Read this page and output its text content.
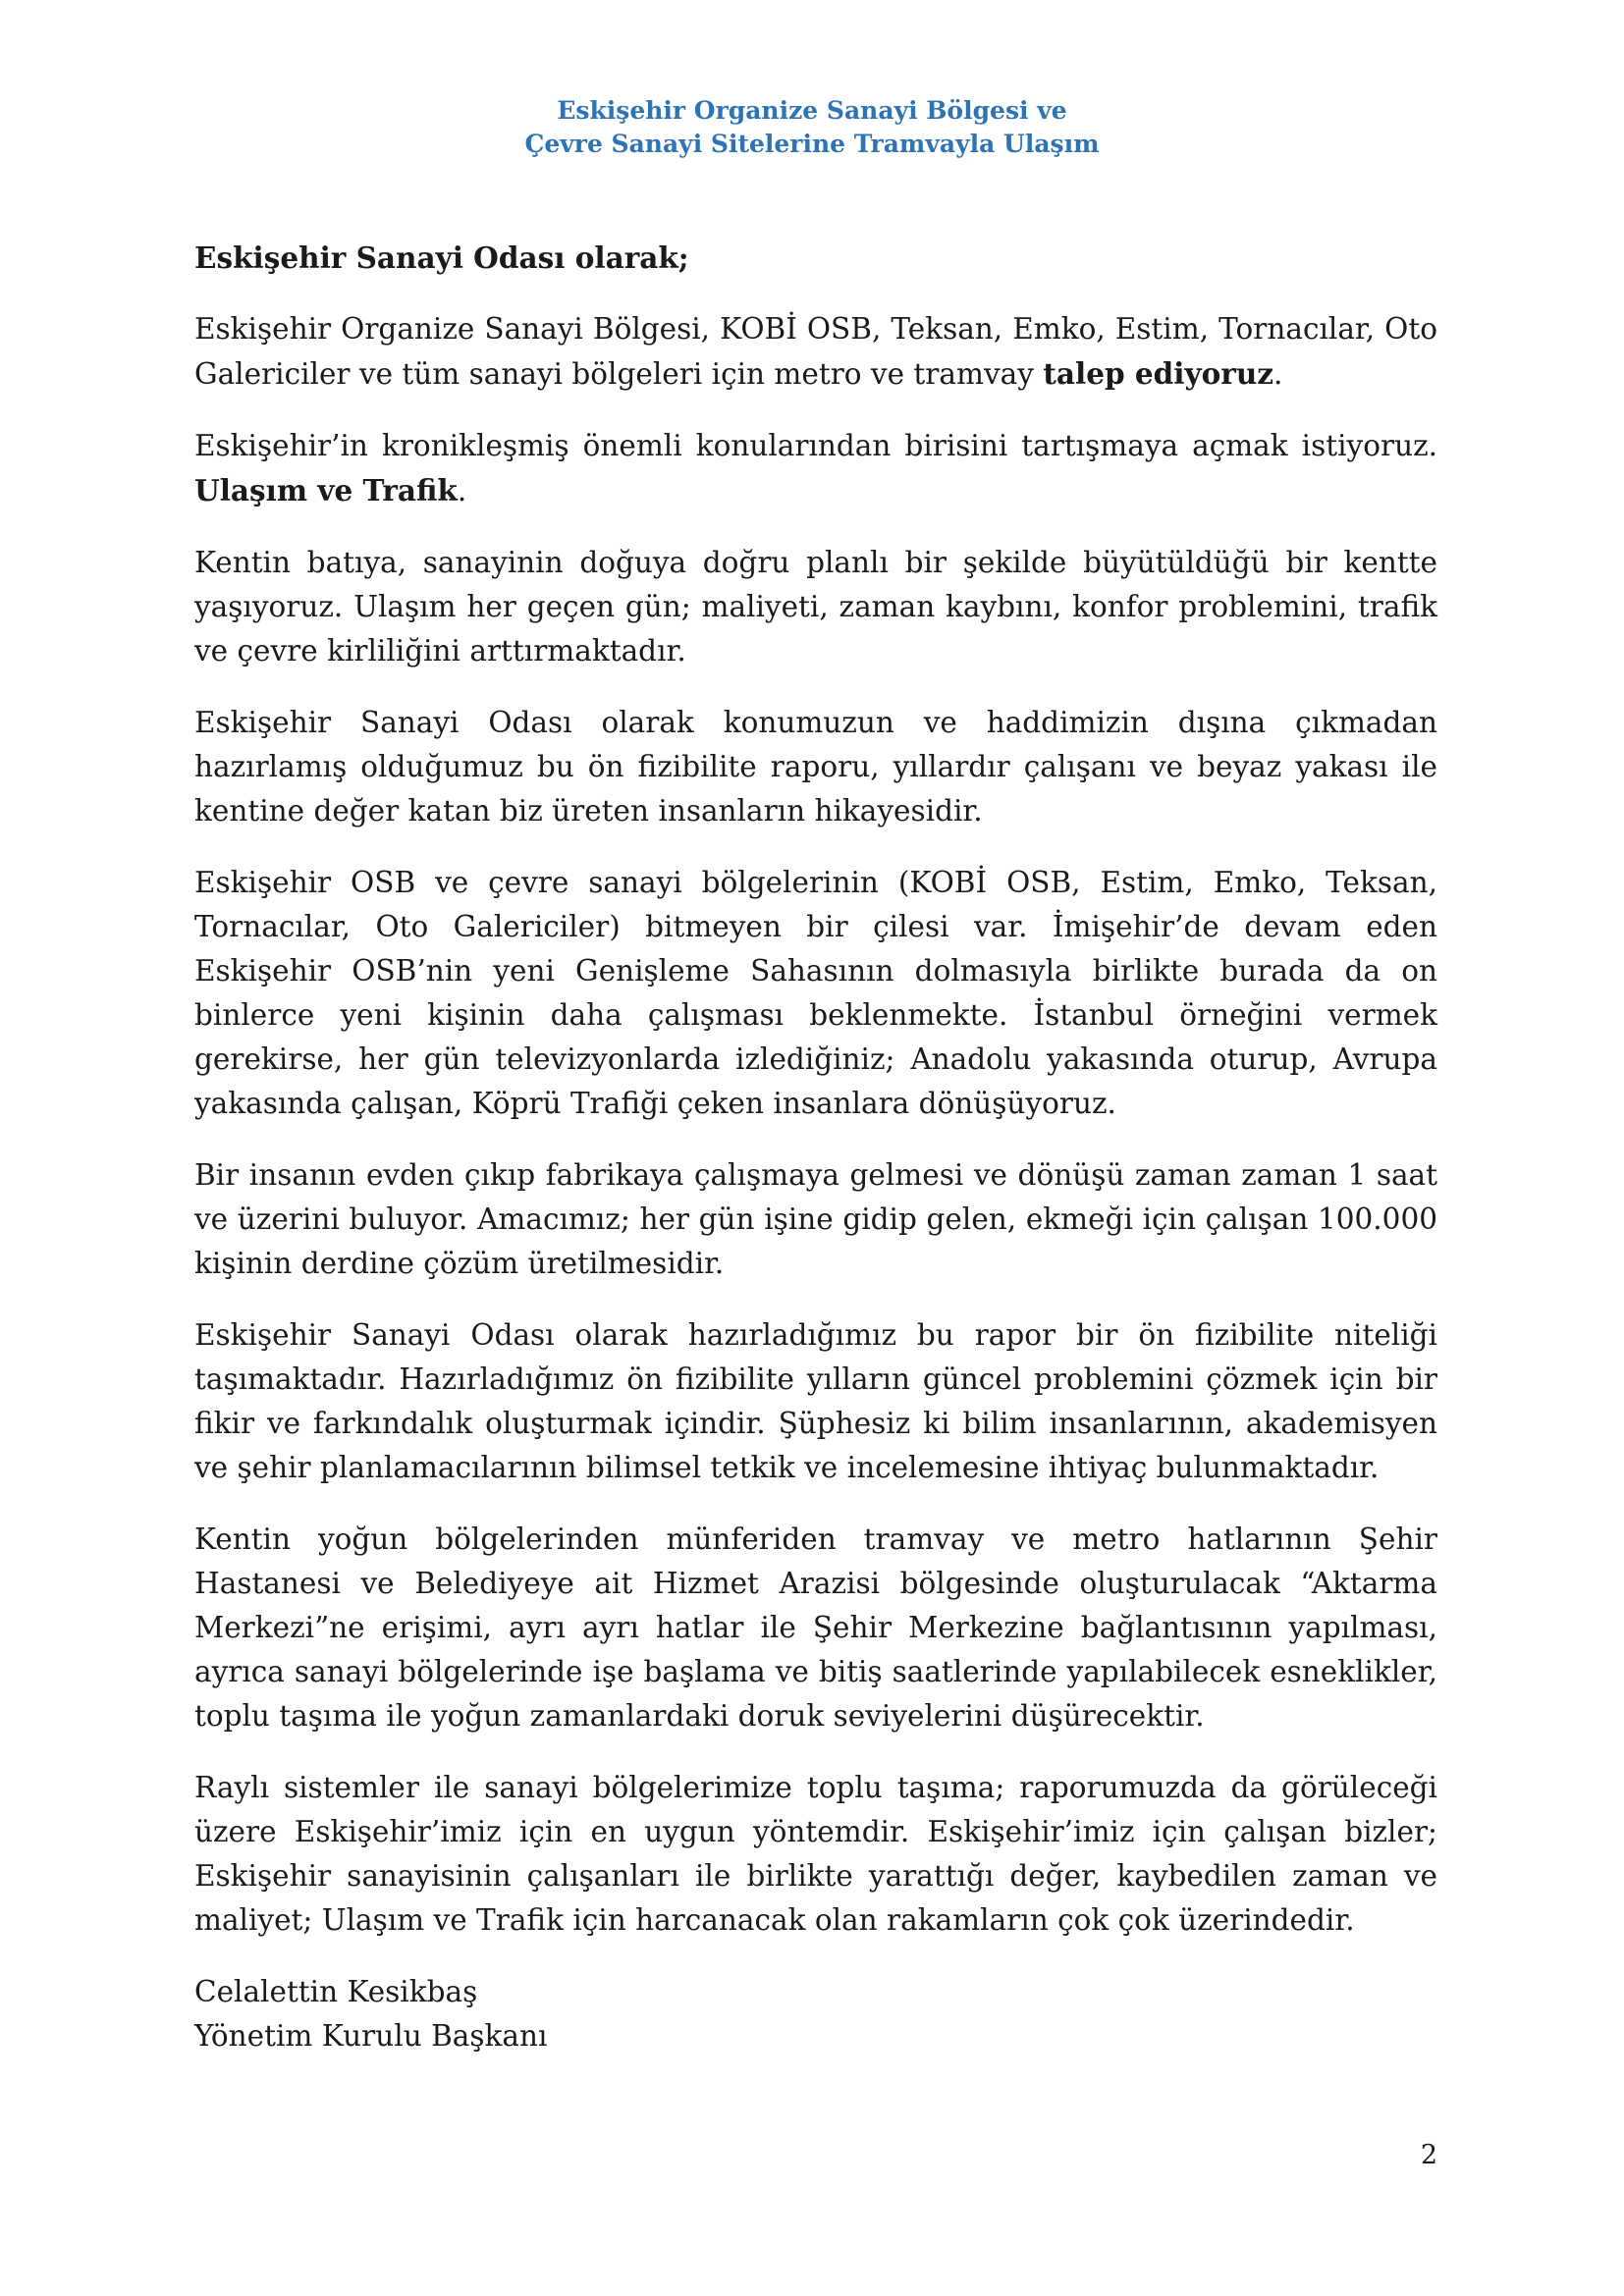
Eskişehir Organize Sanayi Bölgesi ve
Çevre Sanayi Sitelerine Tramvayla Ulaşım

Eskişehir Sanayi Odası olarak;

Eskişehir Organize Sanayi Bölgesi, KOBİ OSB, Teksan, Emko, Estim, Tornacılar, Oto Galericiler ve tüm sanayi bölgeleri için metro ve tramvay talep ediyoruz.

Eskişehir’in kronikleşmiş önemli konularından birisini tartışmaya açmak istiyoruz. Ulaşım ve Trafik.

Kentin batıya, sanayinin doğuya doğru planlı bir şekilde büyütüldüğü bir kentte yaşıyoruz. Ulaşım her geçen gün; maliyeti, zaman kaybını, konfor problemini, trafik ve çevre kirliliğini arttırmaktadır.

Eskişehir Sanayi Odası olarak konumuzun ve haddimizin dışına çıkmadan hazırlamış olduğumuz bu ön fizibilite raporu, yıllardır çalışanı ve beyaz yakası ile kentine değer katan biz üreten insanların hikayesidir.

Eskişehir OSB ve çevre sanayi bölgelerinin (KOBİ OSB, Estim, Emko, Teksan, Tornacılar, Oto Galericiler) bitmeyen bir çilesi var. İmişehir’de devam eden Eskişehir OSB’nin yeni Genişleme Sahasının dolmasıyla birlikte burada da on binlerce yeni kişinin daha çalışması beklenmekte. İstanbul örneğini vermek gerekirse, her gün televizyonlarda izlediğiniz; Anadolu yakasında oturup, Avrupa yakasında çalışan, Köprü Trafiği çeken insanlara dönüşüyoruz.

Bir insanın evden çıkıp fabrikaya çalışmaya gelmesi ve dönüşü zaman zaman 1 saat ve üzerini buluyor. Amacımız; her gün işine gidip gelen, ekmeği için çalışan 100.000 kişinin derdine çözüm üretilmesidir.

Eskişehir Sanayi Odası olarak hazırladığımız bu rapor bir ön fizibilite niteliği taşımaktadır. Hazırladığımız ön fizibilite yılların güncel problemini çözmek için bir fikir ve farkındalık oluşturmak içindir. Şüphesiz ki bilim insanlarının, akademisyen ve şehir planlamacılarının bilimsel tetkik ve incelemesine ihtiyaç bulunmaktadır.

Kentin yoğun bölgelerinden münferiden tramvay ve metro hatlarının Şehir Hastanesi ve Belediyeye ait Hizmet Arazisi bölgesinde oluşturulacak “Aktarma Merkezi”ne erişimi, ayrı ayrı hatlar ile Şehir Merkezine bağlantısının yapılması, ayrıca sanayi bölgelerinde işe başlama ve bitiş saatlerinde yapılabilecek esneklikler, toplu taşıma ile yoğun zamanlardaki doruk seviyelerini düşürecektir.

Raylı sistemler ile sanayi bölgelerimize toplu taşıma; raporumuzda da görüleceği üzere Eskişehir’imiz için en uygun yöntemdir. Eskişehir’imiz için çalışan bizler; Eskişehir sanayisinin çalışanları ile birlikte yarattığı değer, kaybedilen zaman ve maliyet; Ulaşım ve Trafik için harcanacak olan rakamların çok çok üzerindedir.

Celalettin Kesikbaş
Yönetim Kurulu Başkanı
2
